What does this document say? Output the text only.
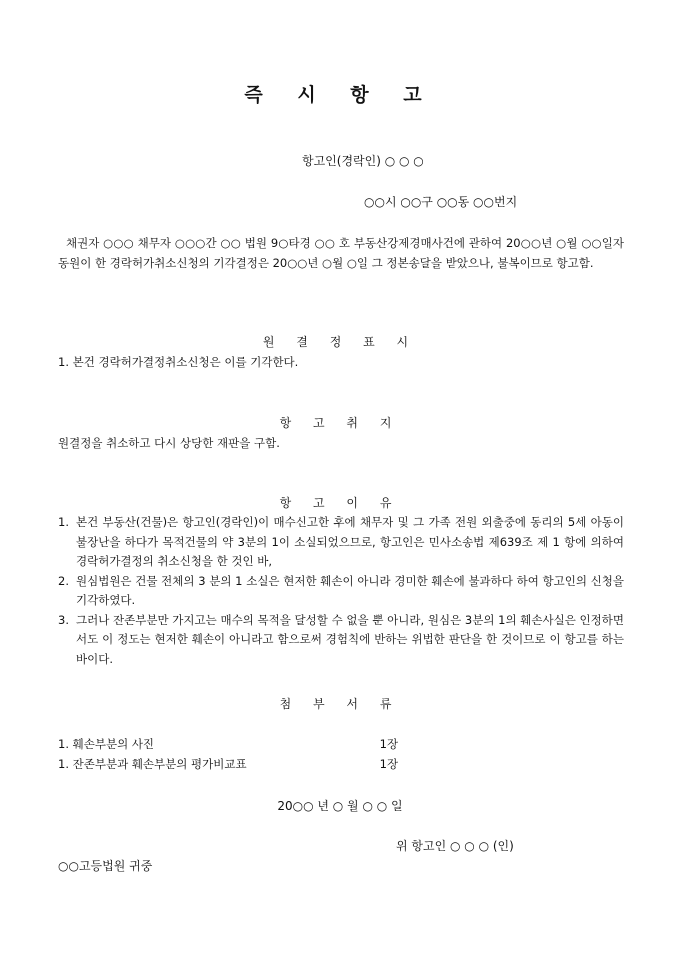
즉 시 항 고
항고인(경락인) ○ ○ ○
○○시 ○○구 ○○동 ○○번지
채권자 ○○○ 채무자 ○○○간 ○○ 법원 9○타경 ○○ 호 부동산강제경매사건에 관하여 20○○년 ○월 ○○일자 동원이 한 경락허가취소신청의 기각결정은 20○○년 ○월 ○일 그 정본송달을 받았으나, 불복이므로 항고함.
원 결 정 표 시
1. 본건 경락허가결정취소신청은 이를 기각한다.
항 고 취 지
원결정을 취소하고 다시 상당한 재판을 구함.
항 고 이 유
1. 본건 부동산(건물)은 항고인(경락인)이 매수신고한 후에 채무자 및 그 가족 전원 외출중에 동리의 5세 아동이 불장난을 하다가 목적건물의 약 3분의 1이 소실되었으므로, 항고인은 민사소송법 제639조 제 1 항에 의하여 경락허가결정의 취소신청을 한 것인 바,
2. 원심법원은 건물 전체의 3 분의 1 소실은 현저한 훼손이 아니라 경미한 훼손에 불과하다 하여 항고인의 신청을 기각하였다.
3. 그러나 잔존부분만 가지고는 매수의 목적을 달성할 수 없을 뿐 아니라, 원심은 3분의 1의 훼손사실은 인정하면서도 이 정도는 현저한 훼손이 아니라고 함으로써 경험칙에 반하는 위법한 판단을 한 것이므로 이 항고를 하는 바이다.
첨 부 서 류
1. 훼손부분의 사진	1장
1. 잔존부분과 훼손부분의 평가비교표	1장
20○○ 년 ○ 월 ○ ○ 일
위 항고인 ○ ○ ○ (인)
○○고등법원 귀중
